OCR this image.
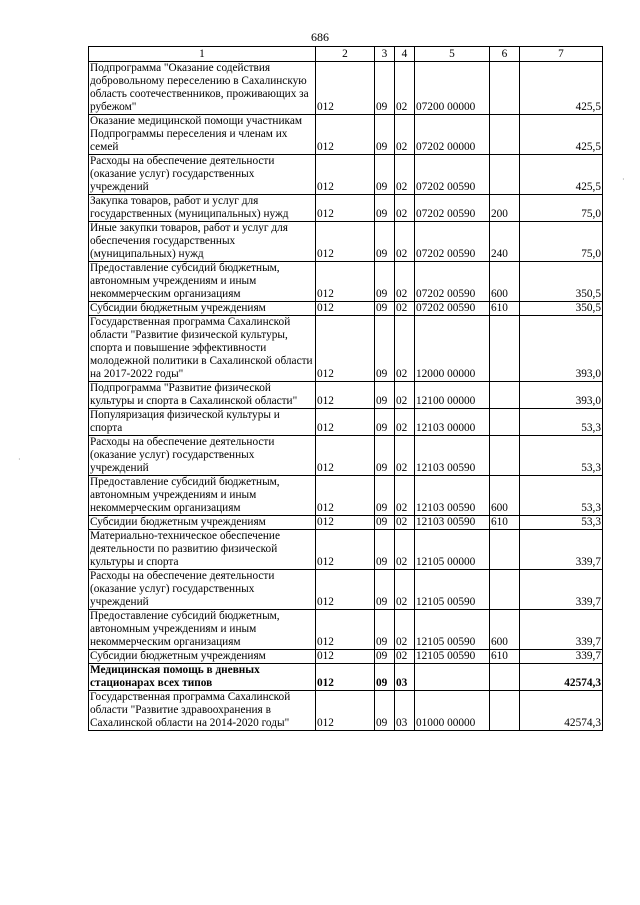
686
1	2	3	4	5	6	7
Подпрограмма "Оказание содействия добровольному переселению в Сахалинскую область соотечественников, проживающих за рубежом"	012	09	02	07200 00000		425,5
Оказание медицинской помощи участникам Подпрограммы переселения и членам их семей	012	09	02	07202 00000		425,5
Расходы на обеспечение деятельности (оказание услуг) государственных учреждений	012	09	02	07202 00590		425,5
Закупка товаров, работ и услуг для государственных (муниципальных) нужд	012	09	02	07202 00590	200	75,0
Иные закупки товаров, работ и услуг для обеспечения государственных (муниципальных) нужд	012	09	02	07202 00590	240	75,0
Предоставление субсидий бюджетным, автономным учреждениям и иным некоммерческим организациям	012	09	02	07202 00590	600	350,5
Субсидии бюджетным учреждениям	012	09	02	07202 00590	610	350,5
Государственная программа Сахалинской области "Развитие физической культуры, спорта и повышение эффективности молодежной политики в Сахалинской области на 2017-2022 годы"	012	09	02	12000 00000		393,0
Подпрограмма "Развитие физической культуры и спорта в Сахалинской области"	012	09	02	12100 00000		393,0
Популяризация физической культуры и спорта	012	09	02	12103 00000		53,3
Расходы на обеспечение деятельности (оказание услуг) государственных учреждений	012	09	02	12103 00590		53,3
Предоставление субсидий бюджетным, автономным учреждениям и иным некоммерческим организациям	012	09	02	12103 00590	600	53,3
Субсидии бюджетным учреждениям	012	09	02	12103 00590	610	53,3
Материально-техническое обеспечение деятельности по развитию физической культуры и спорта	012	09	02	12105 00000		339,7
Расходы на обеспечение деятельности (оказание услуг) государственных учреждений	012	09	02	12105 00590		339,7
Предоставление субсидий бюджетным, автономным учреждениям и иным некоммерческим организациям	012	09	02	12105 00590	600	339,7
Субсидии бюджетным учреждениям	012	09	02	12105 00590	610	339,7
Медицинская помощь в дневных стационарах всех типов	012	09	03			42574,3
Государственная программа Сахалинской области "Развитие здравоохранения в Сахалинской области на 2014-2020 годы"	012	09	03	01000 00000		42574,3
·
·
